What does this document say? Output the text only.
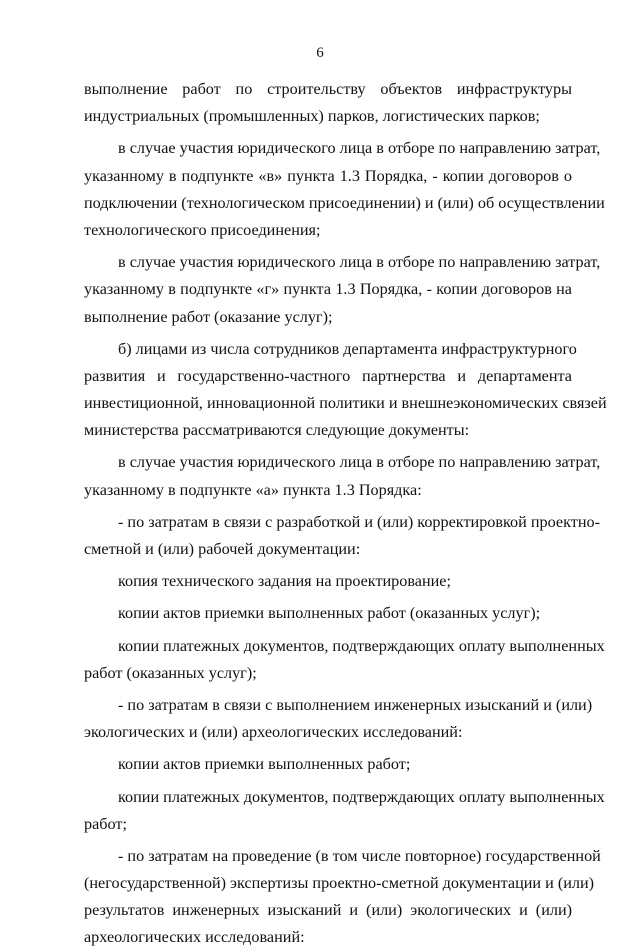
6
выполнение работ по строительству объектов инфраструктуры
индустриальных (промышленных) парков, логистических парков;
в случае участия юридического лица в отборе по направлению затрат,
указанному в подпункте «в» пункта 1.3 Порядка, - копии договоров о
подключении (технологическом присоединении) и (или) об осуществлении
технологического присоединения;
в случае участия юридического лица в отборе по направлению затрат,
указанному в подпункте «г» пункта 1.3 Порядка, - копии договоров на
выполнение работ (оказание услуг);
б) лицами из числа сотрудников департамента инфраструктурного
развития и государственно-частного партнерства и департамента
инвестиционной, инновационной политики и внешнеэкономических связей
министерства рассматриваются следующие документы:
в случае участия юридического лица в отборе по направлению затрат,
указанному в подпункте «а» пункта 1.3 Порядка:
- по затратам в связи с разработкой и (или) корректировкой проектно-
сметной и (или) рабочей документации:
копия технического задания на проектирование;
копии актов приемки выполненных работ (оказанных услуг);
копии платежных документов, подтверждающих оплату выполненных
работ (оказанных услуг);
- по затратам в связи с выполнением инженерных изысканий и (или)
экологических и (или) археологических исследований:
копии актов приемки выполненных работ;
копии платежных документов, подтверждающих оплату выполненных
работ;
- по затратам на проведение (в том числе повторное) государственной
(негосударственной) экспертизы проектно-сметной документации и (или)
результатов инженерных изысканий и (или) экологических и (или)
археологических исследований:
